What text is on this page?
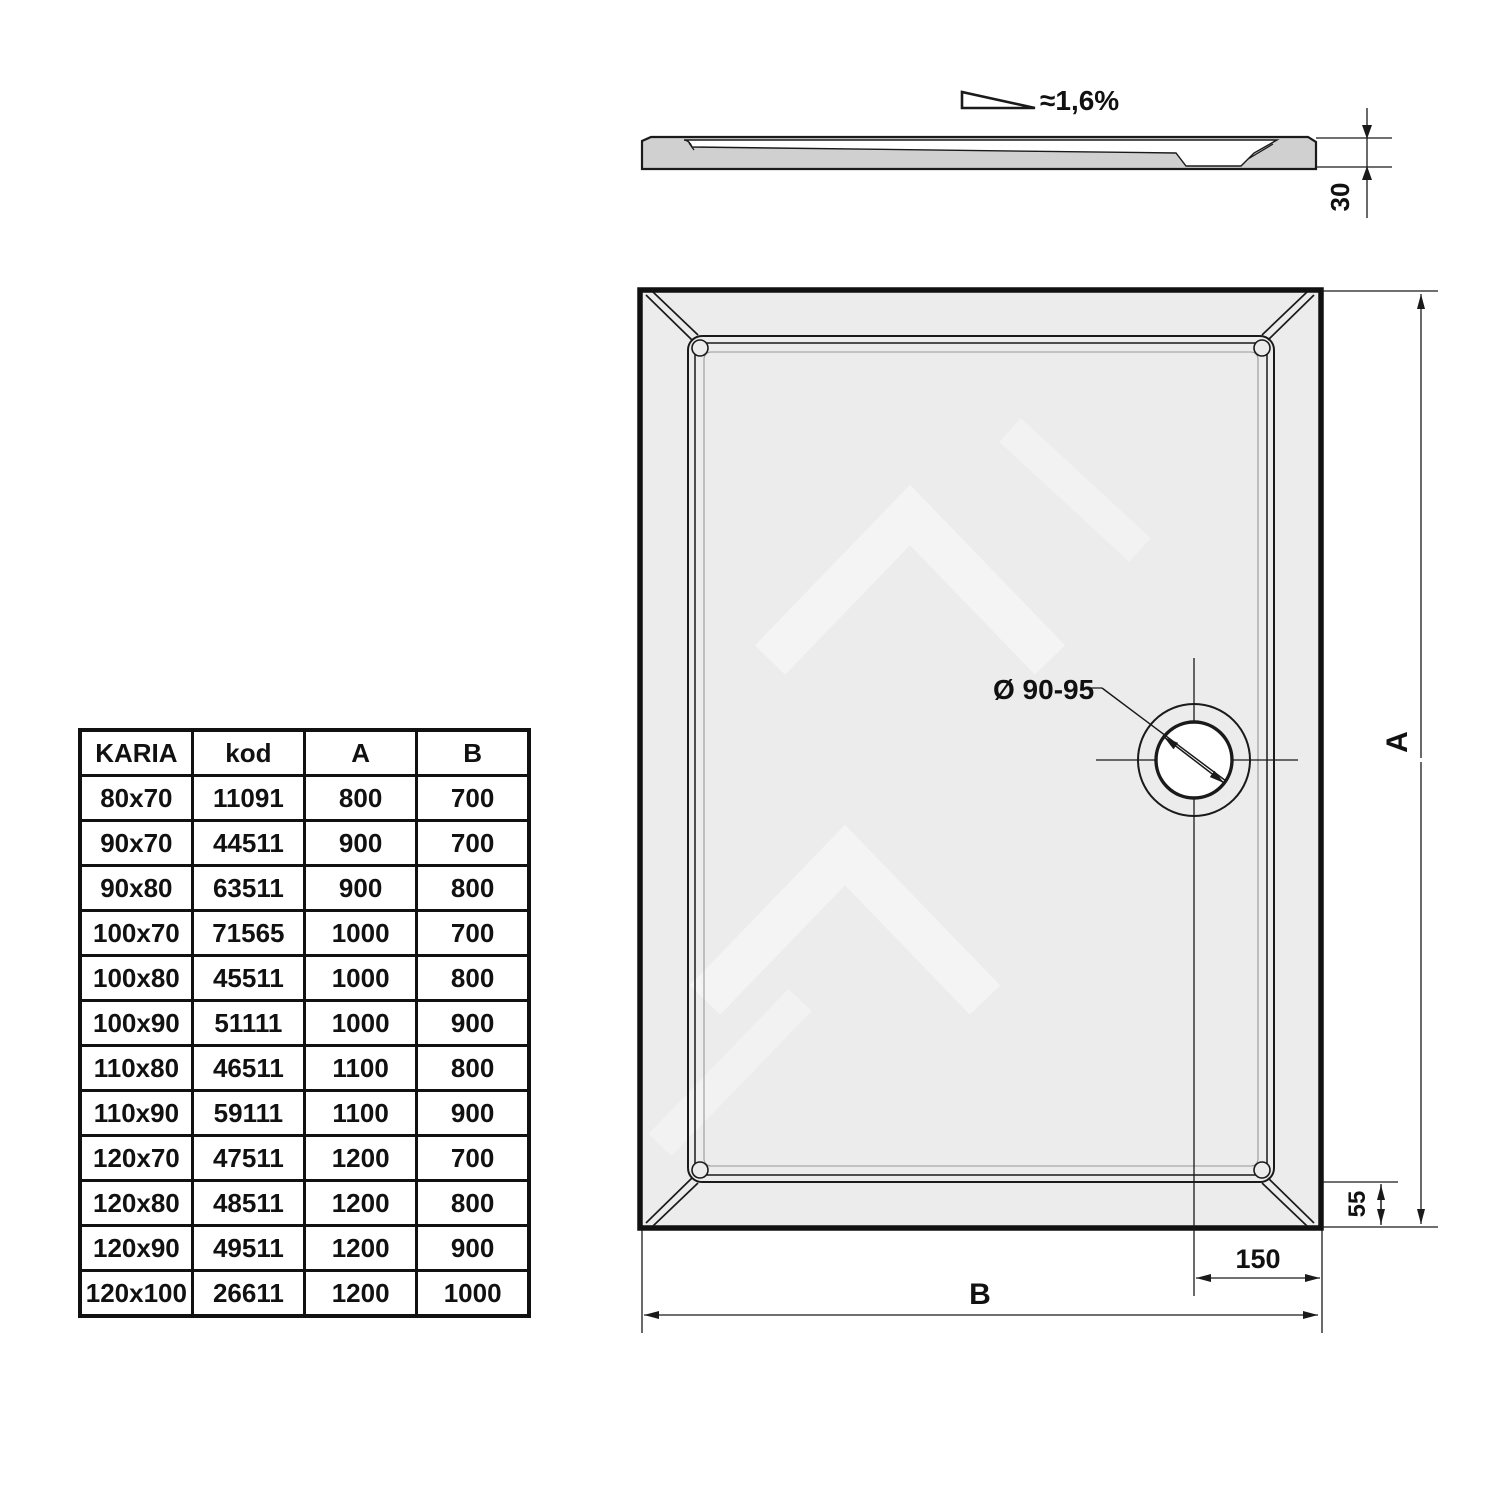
KARIA	kod	A	B
80x70	11091	800	700
90x70	44511	900	700
90x80	63511	900	800
100x70	71565	1000	700
100x80	45511	1000	800
100x90	51111	1000	900
110x80	46511	1100	800
110x90	59111	1100	900
120x70	47511	1200	700
120x80	48511	1200	800
120x90	49511	1200	900
120x100	26611	1200	1000
≈1,6%
30
Ø 90-95
A
55
150
B
